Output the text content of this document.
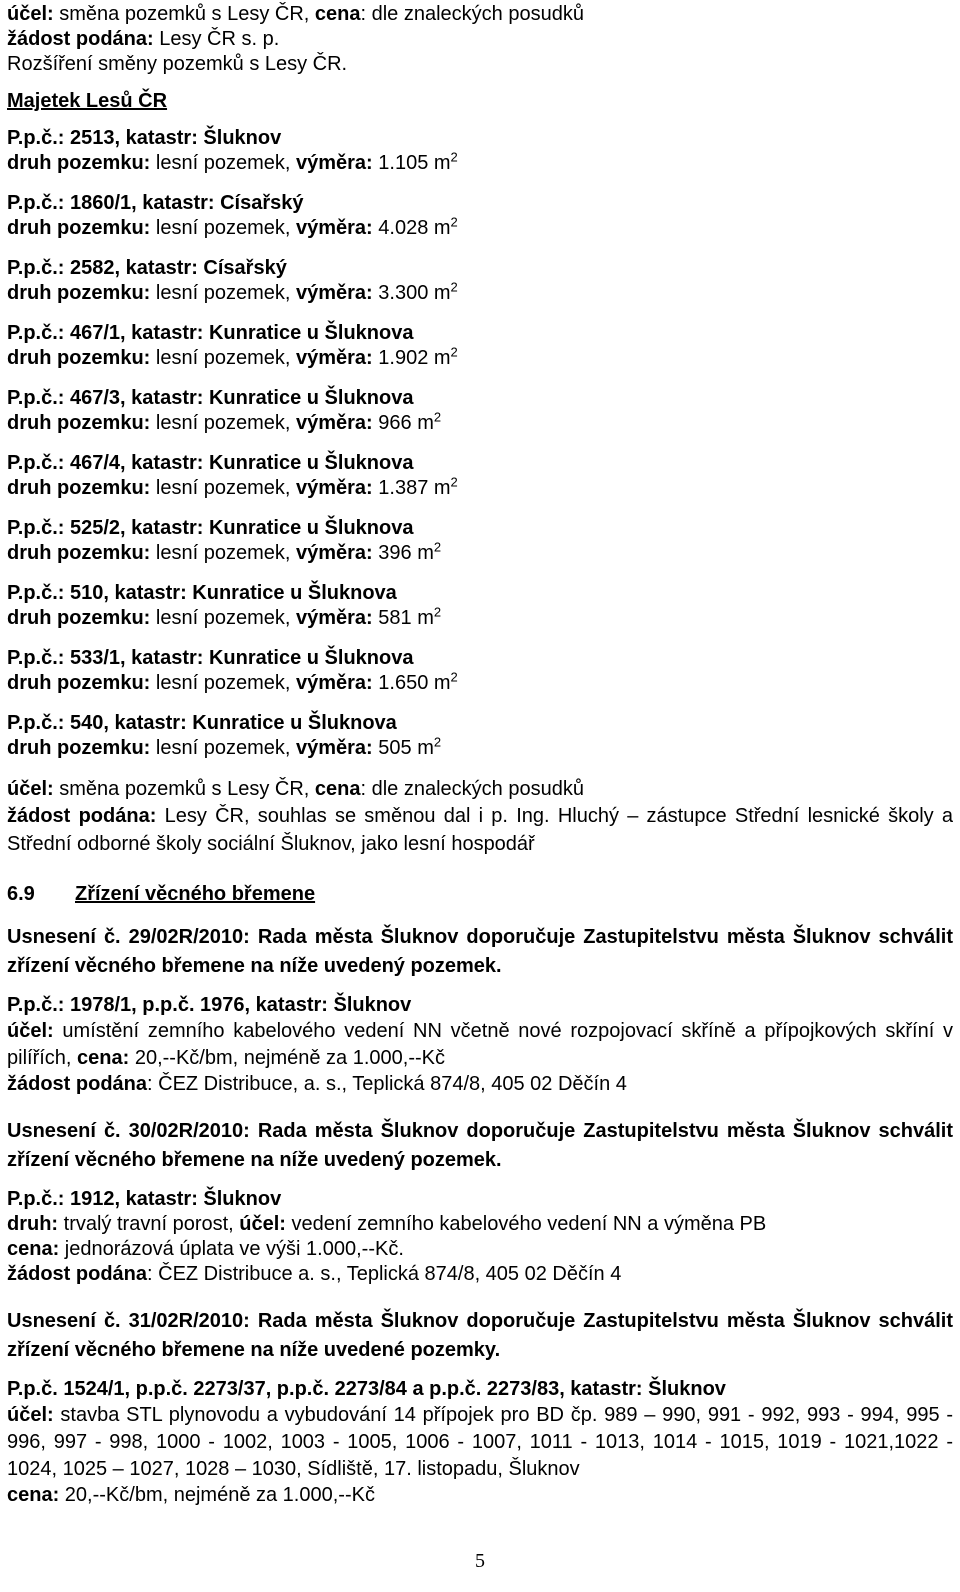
účel: směna pozemků s Lesy ČR, cena: dle znaleckých posudků
žádost podána: Lesy ČR s. p.
Rozšíření směny pozemků s Lesy ČR.
Majetek Lesů ČR
P.p.č.: 2513, katastr: Šluknov
druh pozemku: lesní pozemek, výměra: 1.105 $m^2$
P.p.č.: 1860/1, katastr: Císařský
druh pozemku: lesní pozemek, výměra: 4.028 $m^2$
P.p.č.: 2582, katastr: Císařský
druh pozemku: lesní pozemek, výměra: 3.300 $m^2$
P.p.č.: 467/1, katastr: Kunratice u Šluknova
druh pozemku: lesní pozemek, výměra: 1.902 $m^2$
P.p.č.: 467/3, katastr: Kunratice u Šluknova
druh pozemku: lesní pozemek, výměra: 966 $m^2$
P.p.č.: 467/4, katastr: Kunratice u Šluknova
druh pozemku: lesní pozemek, výměra: 1.387 $m^2$
P.p.č.: 525/2, katastr: Kunratice u Šluknova
druh pozemku: lesní pozemek, výměra: 396 $m^2$
P.p.č.: 510, katastr: Kunratice u Šluknova
druh pozemku: lesní pozemek, výměra: 581 $m^2$
P.p.č.: 533/1, katastr: Kunratice u Šluknova
druh pozemku: lesní pozemek, výměra: 1.650 $m^2$
P.p.č.: 540, katastr: Kunratice u Šluknova
druh pozemku: lesní pozemek, výměra: 505 $m^2$
účel: směna pozemků s Lesy ČR, cena: dle znaleckých posudků
žádost podána: Lesy ČR, souhlas se směnou dal i p. Ing. Hluchý – zástupce Střední lesnické školy a Střední odborné školy sociální Šluknov, jako lesní hospodář
6.9 Zřízení věcného břemene
Usnesení č. 29/02R/2010: Rada města Šluknov doporučuje Zastupitelstvu města Šluknov schválit zřízení věcného břemene na níže uvedený pozemek.
P.p.č.: 1978/1, p.p.č. 1976, katastr: Šluknov
účel: umístění zemního kabelového vedení NN včetně nové rozpojovací skříně a přípojkových skříní v pilířích, cena: 20,--Kč/bm, nejméně za 1.000,--Kč
žádost podána: ČEZ Distribuce, a. s., Teplická 874/8, 405 02 Děčín 4
Usnesení č. 30/02R/2010: Rada města Šluknov doporučuje Zastupitelstvu města Šluknov schválit zřízení věcného břemene na níže uvedený pozemek.
P.p.č.: 1912, katastr: Šluknov
druh: trvalý travní porost, účel: vedení zemního kabelového vedení NN a výměna PB
cena: jednorázová úplata ve výši 1.000,--Kč.
žádost podána: ČEZ Distribuce a. s., Teplická 874/8, 405 02 Děčín 4
Usnesení č. 31/02R/2010: Rada města Šluknov doporučuje Zastupitelstvu města Šluknov schválit zřízení věcného břemene na níže uvedené pozemky.
P.p.č. 1524/1, p.p.č. 2273/37, p.p.č. 2273/84 a p.p.č. 2273/83, katastr: Šluknov
účel: stavba STL plynovodu a vybudování 14 přípojek pro BD čp. 989 – 990, 991 - 992, 993 - 994, 995 - 996, 997 - 998, 1000 - 1002, 1003 - 1005, 1006 - 1007, 1011 - 1013, 1014 - 1015, 1019 - 1021,1022 - 1024, 1025 – 1027, 1028 – 1030, Sídliště, 17. listopadu, Šluknov
cena: 20,--Kč/bm, nejméně za 1.000,--Kč
5
